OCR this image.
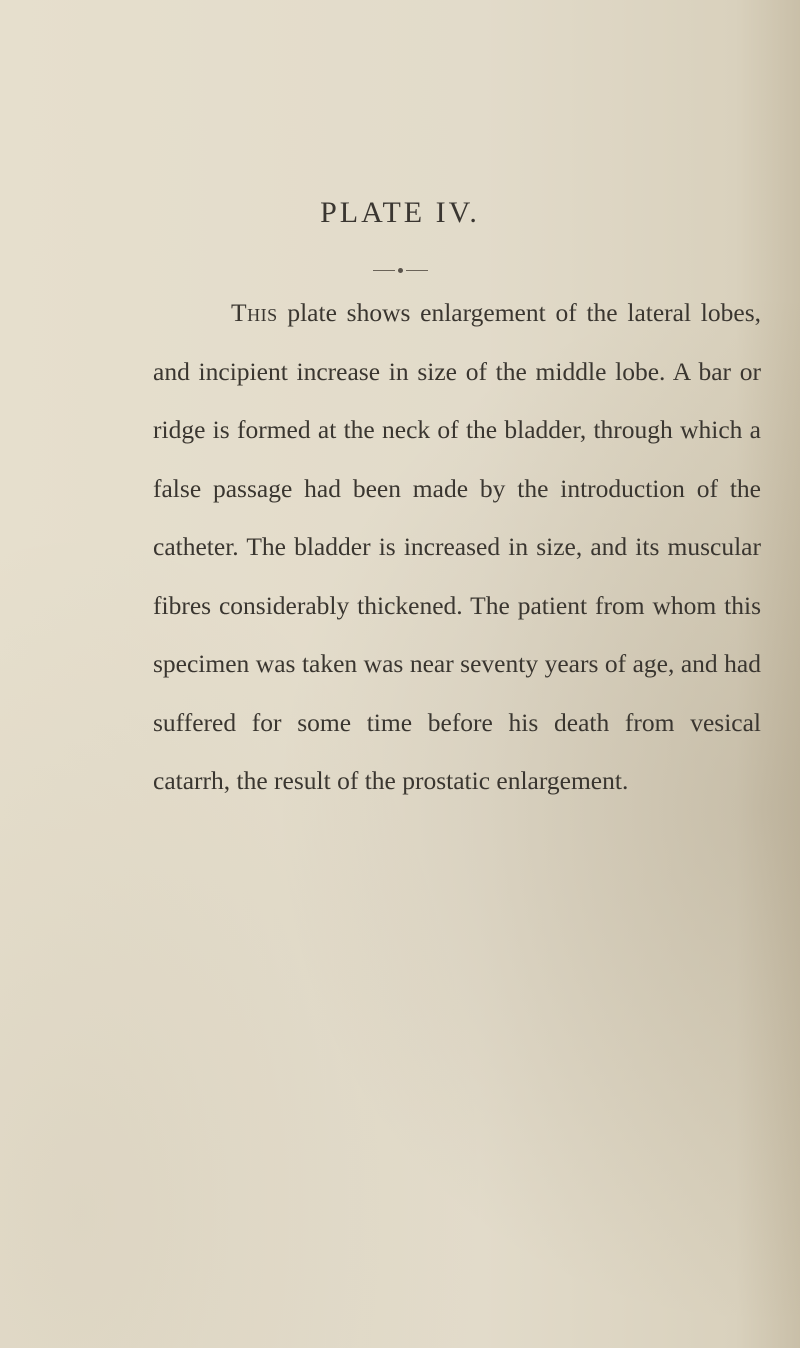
PLATE IV.

This plate shows enlargement of the lateral lobes, and incipient increase in size of the middle lobe. A bar or ridge is formed at the neck of the bladder, through which a false passage had been made by the introduction of the catheter. The bladder is increased in size, and its muscular fibres considerably thickened. The patient from whom this specimen was taken was near seventy years of age, and had suffered for some time before his death from vesical catarrh, the result of the prostatic enlargement.
